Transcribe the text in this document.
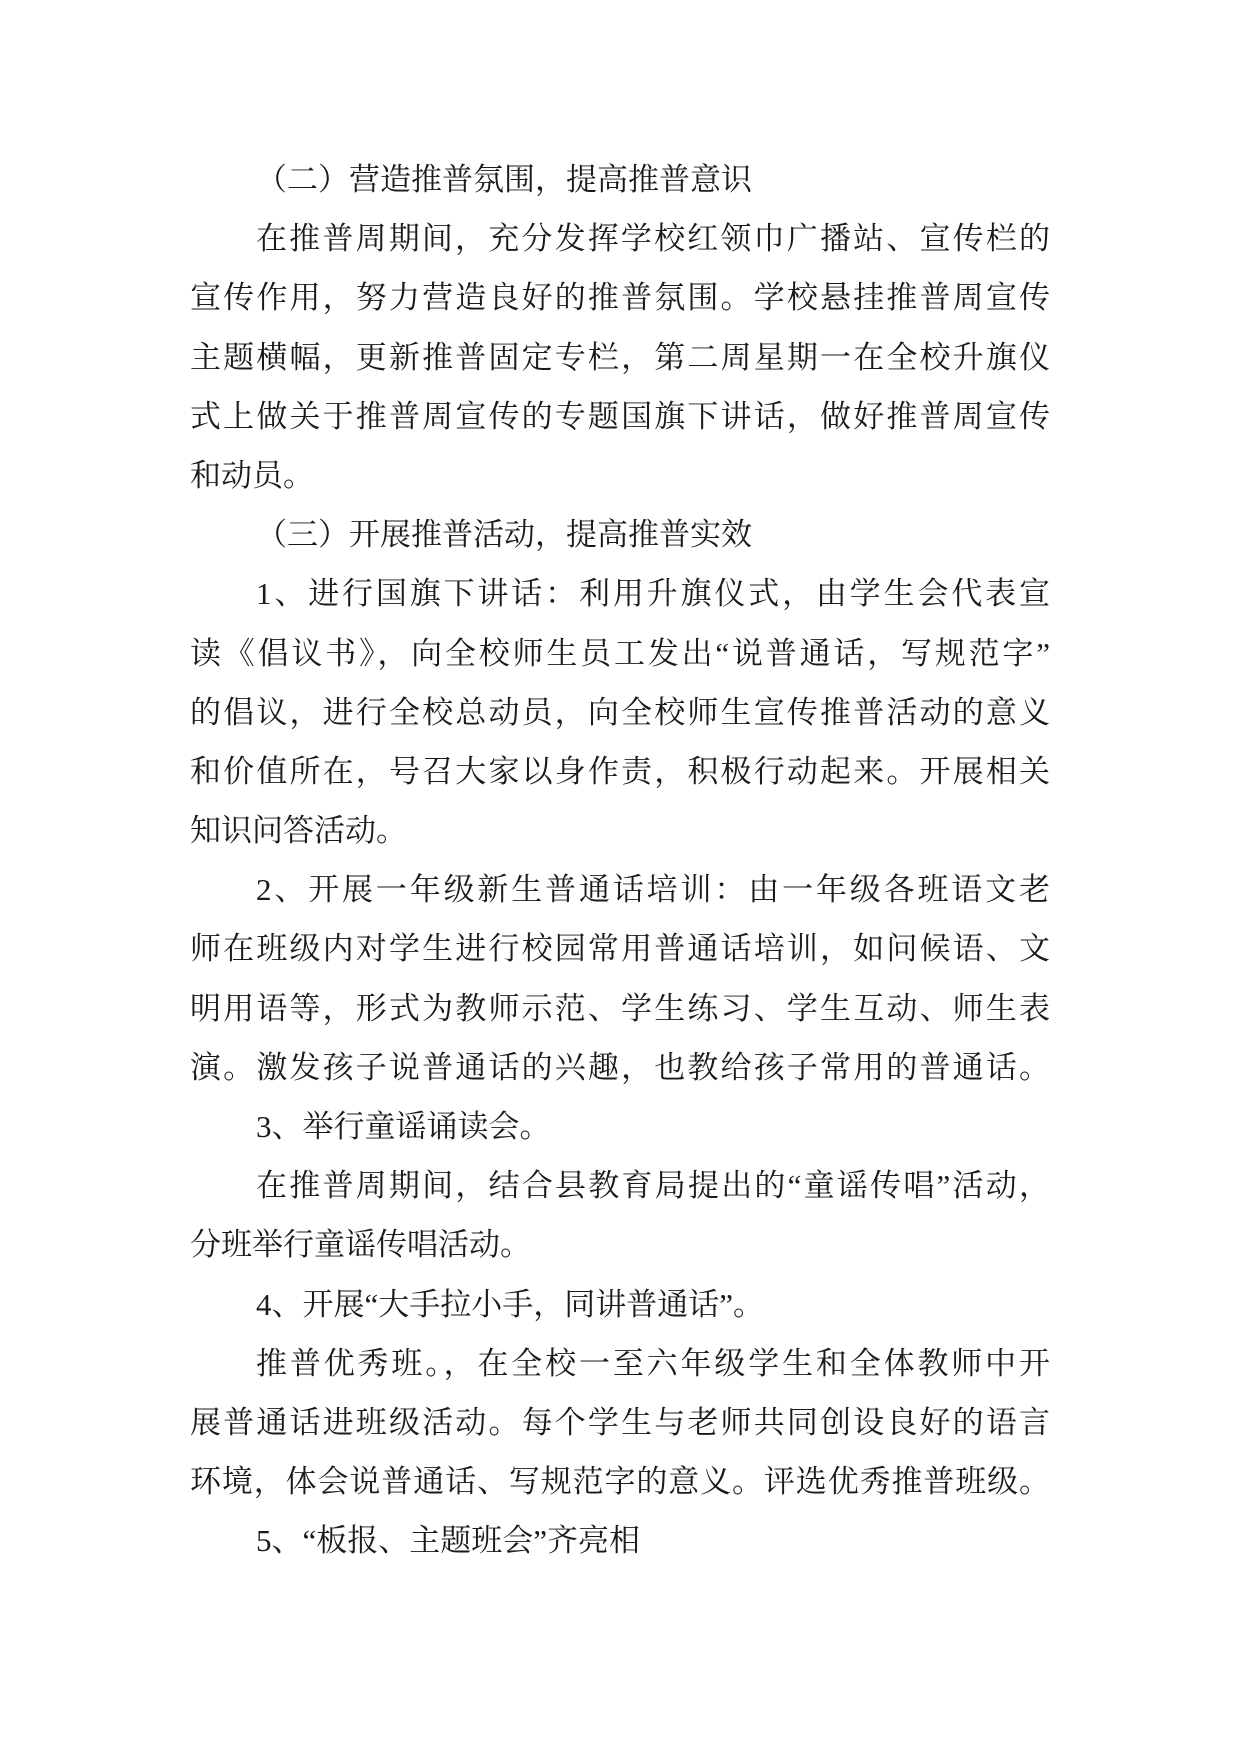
（二）营造推普氛围，提高推普意识
在推普周期间，充分发挥学校红领巾广播站、宣传栏的
宣传作用，努力营造良好的推普氛围。学校悬挂推普周宣传
主题横幅，更新推普固定专栏，第二周星期一在全校升旗仪
式上做关于推普周宣传的专题国旗下讲话，做好推普周宣传
和动员。
（三）开展推普活动，提高推普实效
1、进行国旗下讲话：利用升旗仪式，由学生会代表宣
读《倡议书》，向全校师生员工发出“说普通话，写规范字”
的倡议，进行全校总动员，向全校师生宣传推普活动的意义
和价值所在，号召大家以身作责，积极行动起来。开展相关
知识问答活动。
2、开展一年级新生普通话培训：由一年级各班语文老
师在班级内对学生进行校园常用普通话培训，如问候语、文
明用语等，形式为教师示范、学生练习、学生互动、师生表
演。激发孩子说普通话的兴趣，也教给孩子常用的普通话。
3、举行童谣诵读会。
在推普周期间，结合县教育局提出的“童谣传唱”活动，
分班举行童谣传唱活动。
4、开展“大手拉小手，同讲普通话”。
推普优秀班。，在全校一至六年级学生和全体教师中开
展普通话进班级活动。每个学生与老师共同创设良好的语言
环境，体会说普通话、写规范字的意义。评选优秀推普班级。
5、“板报、主题班会”齐亮相
